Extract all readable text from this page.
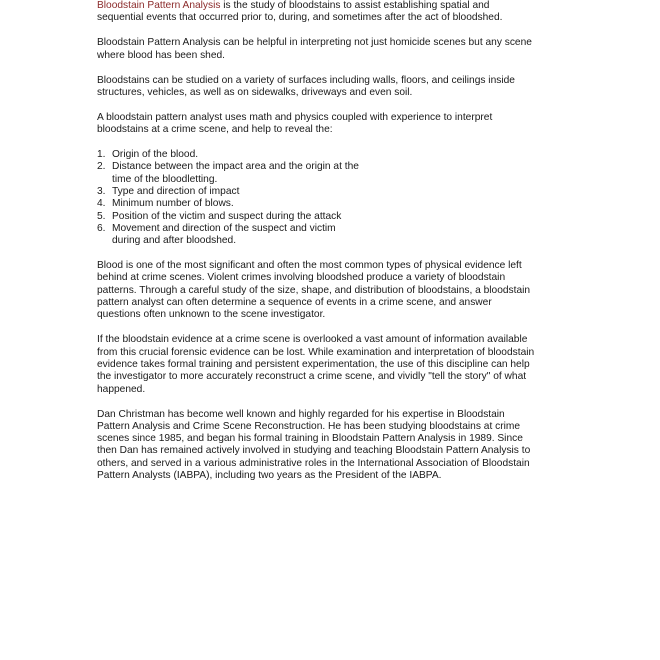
Bloodstain Pattern Analysis is the study of bloodstains to assist establishing spatial and
sequential events that occurred prior to, during, and sometimes after the act of bloodshed.

Bloodstain Pattern Analysis can be helpful in interpreting not just homicide scenes but any scene
where blood has been shed.

Bloodstains can be studied on a variety of surfaces including walls, floors, and ceilings inside
structures, vehicles, as well as on sidewalks, driveways and even soil.

A bloodstain pattern analyst uses math and physics coupled with experience to interpret
bloodstains at a crime scene, and help to reveal the:

1. Origin of the blood.
2. Distance between the impact area and the origin at the
time of the bloodletting.
3. Type and direction of impact
4. Minimum number of blows.
5. Position of the victim and suspect during the attack
6. Movement and direction of the suspect and victim
during and after bloodshed.

Blood is one of the most significant and often the most common types of physical evidence left
behind at crime scenes. Violent crimes involving bloodshed produce a variety of bloodstain
patterns. Through a careful study of the size, shape, and distribution of bloodstains, a bloodstain
pattern analyst can often determine a sequence of events in a crime scene, and answer
questions often unknown to the scene investigator.

If the bloodstain evidence at a crime scene is overlooked a vast amount of information available
from this crucial forensic evidence can be lost. While examination and interpretation of bloodstain
evidence takes formal training and persistent experimentation, the use of this discipline can help
the investigator to more accurately reconstruct a crime scene, and vividly "tell the story" of what
happened.

Dan Christman has become well known and highly regarded for his expertise in Bloodstain
Pattern Analysis and Crime Scene Reconstruction. He has been studying bloodstains at crime
scenes since 1985, and began his formal training in Bloodstain Pattern Analysis in 1989. Since
then Dan has remained actively involved in studying and teaching Bloodstain Pattern Analysis to
others, and served in a various administrative roles in the International Association of Bloodstain
Pattern Analysts (IABPA), including two years as the President of the IABPA.
